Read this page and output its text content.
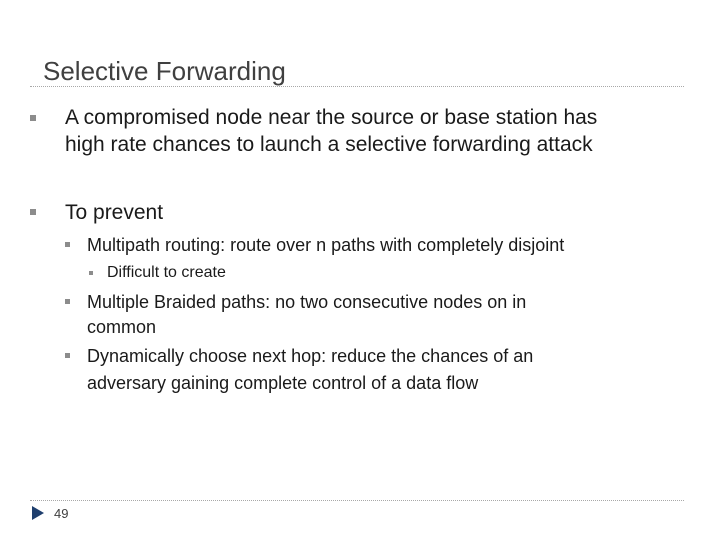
Selective Forwarding
A compromised node near the source or base station has
high rate chances to launch a selective forwarding attack
To prevent
Multipath routing: route over n paths with completely disjoint
Difficult to create
Multiple Braided paths: no two consecutive nodes on in
common
Dynamically choose next hop: reduce the chances of an
adversary gaining complete control of a data flow
49
